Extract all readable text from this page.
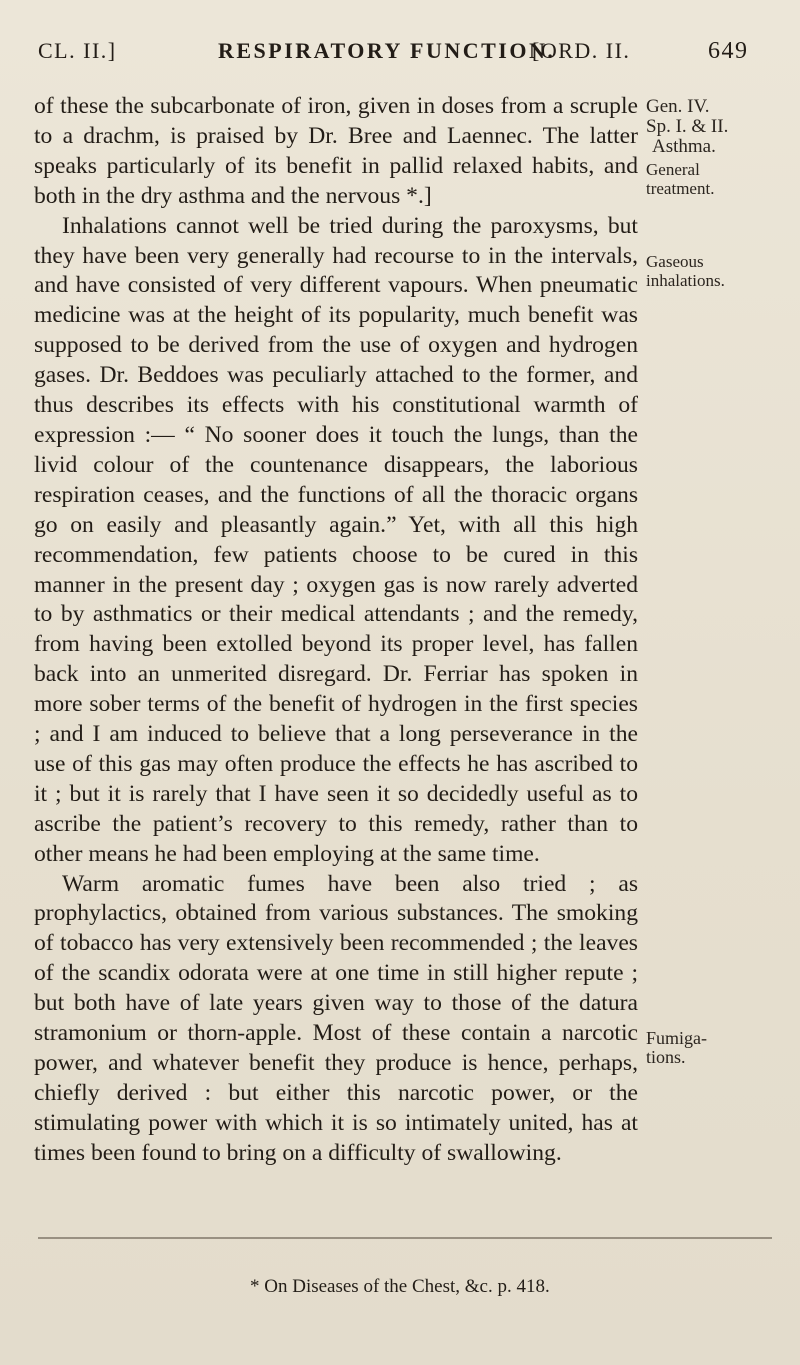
CL. II.]	RESPIRATORY FUNCTION.
[ORD. II.	649

of these the subcarbonate of iron, given in doses from a scruple to a drachm, is praised by Dr. Bree and Laennec. The latter speaks particularly of its benefit in pallid relaxed habits, and both in the dry asthma and the nervous *.]

Inhalations cannot well be tried during the paroxysms, but they have been very generally had recourse to in the intervals, and have consisted of very different vapours. When pneumatic medicine was at the height of its popularity, much benefit was supposed to be derived from the use of oxygen and hydrogen gases. Dr. Beddoes was peculiarly attached to the former, and thus describes its effects with his constitutional warmth of expression :— “ No sooner does it touch the lungs, than the livid colour of the countenance disappears, the laborious respiration ceases, and the functions of all the thoracic organs go on easily and pleasantly again.” Yet, with all this high recommendation, few patients choose to be cured in this manner in the present day ; oxygen gas is now rarely adverted to by asthmatics or their medical attendants ; and the remedy, from having been extolled beyond its proper level, has fallen back into an unmerited disregard. Dr. Ferriar has spoken in more sober terms of the benefit of hydrogen in the first species ; and I am induced to believe that a long perseverance in the use of this gas may often produce the effects he has ascribed to it ; but it is rarely that I have seen it so decidedly useful as to ascribe the patient’s recovery to this remedy, rather than to other means he had been employing at the same time.

Warm aromatic fumes have been also tried ; as prophylactics, obtained from various substances. The smoking of tobacco has very extensively been recommended ; the leaves of the scandix odorata were at one time in still higher repute ; but both have of late years given way to those of the datura stramonium or thorn-apple. Most of these contain a narcotic power, and whatever benefit they produce is hence, perhaps, chiefly derived : but either this narcotic power, or the stimulating power with which it is so intimately united, has at times been found to bring on a difficulty of swallowing.

Gen. IV.
Sp. I. & II.
Asthma.
General
treatment.
Gaseous
inhalations.
Fumiga-
tions.
* On Diseases of the Chest, &c. p. 418.
